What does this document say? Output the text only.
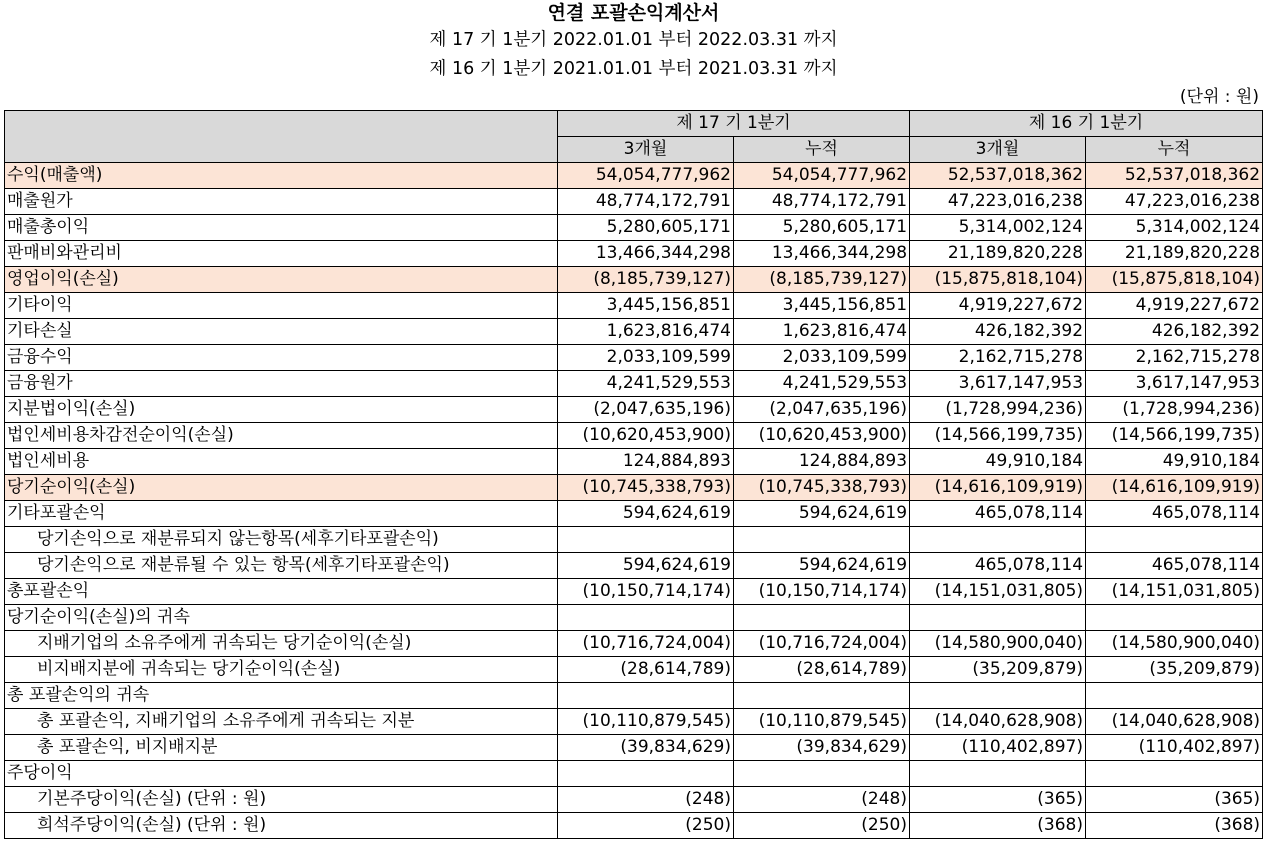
연결 포괄손익계산서
제 17 기 1분기 2022.01.01 부터 2022.03.31 까지
제 16 기 1분기 2021.01.01 부터 2021.03.31 까지
(단위 : 원)
	제 17 기 1분기		제 16 기 1분기	
	3개월	누적	3개월	누적
수익(매출액)	54,054,777,962	54,054,777,962	52,537,018,362	52,537,018,362
매출원가	48,774,172,791	48,774,172,791	47,223,016,238	47,223,016,238
매출총이익	5,280,605,171	5,280,605,171	5,314,002,124	5,314,002,124
판매비와관리비	13,466,344,298	13,466,344,298	21,189,820,228	21,189,820,228
영업이익(손실)	(8,185,739,127)	(8,185,739,127)	(15,875,818,104)	(15,875,818,104)
기타이익	3,445,156,851	3,445,156,851	4,919,227,672	4,919,227,672
기타손실	1,623,816,474	1,623,816,474	426,182,392	426,182,392
금융수익	2,033,109,599	2,033,109,599	2,162,715,278	2,162,715,278
금융원가	4,241,529,553	4,241,529,553	3,617,147,953	3,617,147,953
지분법이익(손실)	(2,047,635,196)	(2,047,635,196)	(1,728,994,236)	(1,728,994,236)
법인세비용차감전순이익(손실)	(10,620,453,900)	(10,620,453,900)	(14,566,199,735)	(14,566,199,735)
법인세비용	124,884,893	124,884,893	49,910,184	49,910,184
당기순이익(손실)	(10,745,338,793)	(10,745,338,793)	(14,616,109,919)	(14,616,109,919)
기타포괄손익	594,624,619	594,624,619	465,078,114	465,078,114
당기손익으로 재분류되지 않는항목(세후기타포괄손익)				
당기손익으로 재분류될 수 있는 항목(세후기타포괄손익)	594,624,619	594,624,619	465,078,114	465,078,114
총포괄손익	(10,150,714,174)	(10,150,714,174)	(14,151,031,805)	(14,151,031,805)
당기순이익(손실)의 귀속				
지배기업의 소유주에게 귀속되는 당기순이익(손실)	(10,716,724,004)	(10,716,724,004)	(14,580,900,040)	(14,580,900,040)
비지배지분에 귀속되는 당기순이익(손실)	(28,614,789)	(28,614,789)	(35,209,879)	(35,209,879)
총 포괄손익의 귀속				
총 포괄손익, 지배기업의 소유주에게 귀속되는 지분	(10,110,879,545)	(10,110,879,545)	(14,040,628,908)	(14,040,628,908)
총 포괄손익, 비지배지분	(39,834,629)	(39,834,629)	(110,402,897)	(110,402,897)
주당이익				
기본주당이익(손실) (단위 : 원)	(248)	(248)	(365)	(365)
희석주당이익(손실) (단위 : 원)	(250)	(250)	(368)	(368)
